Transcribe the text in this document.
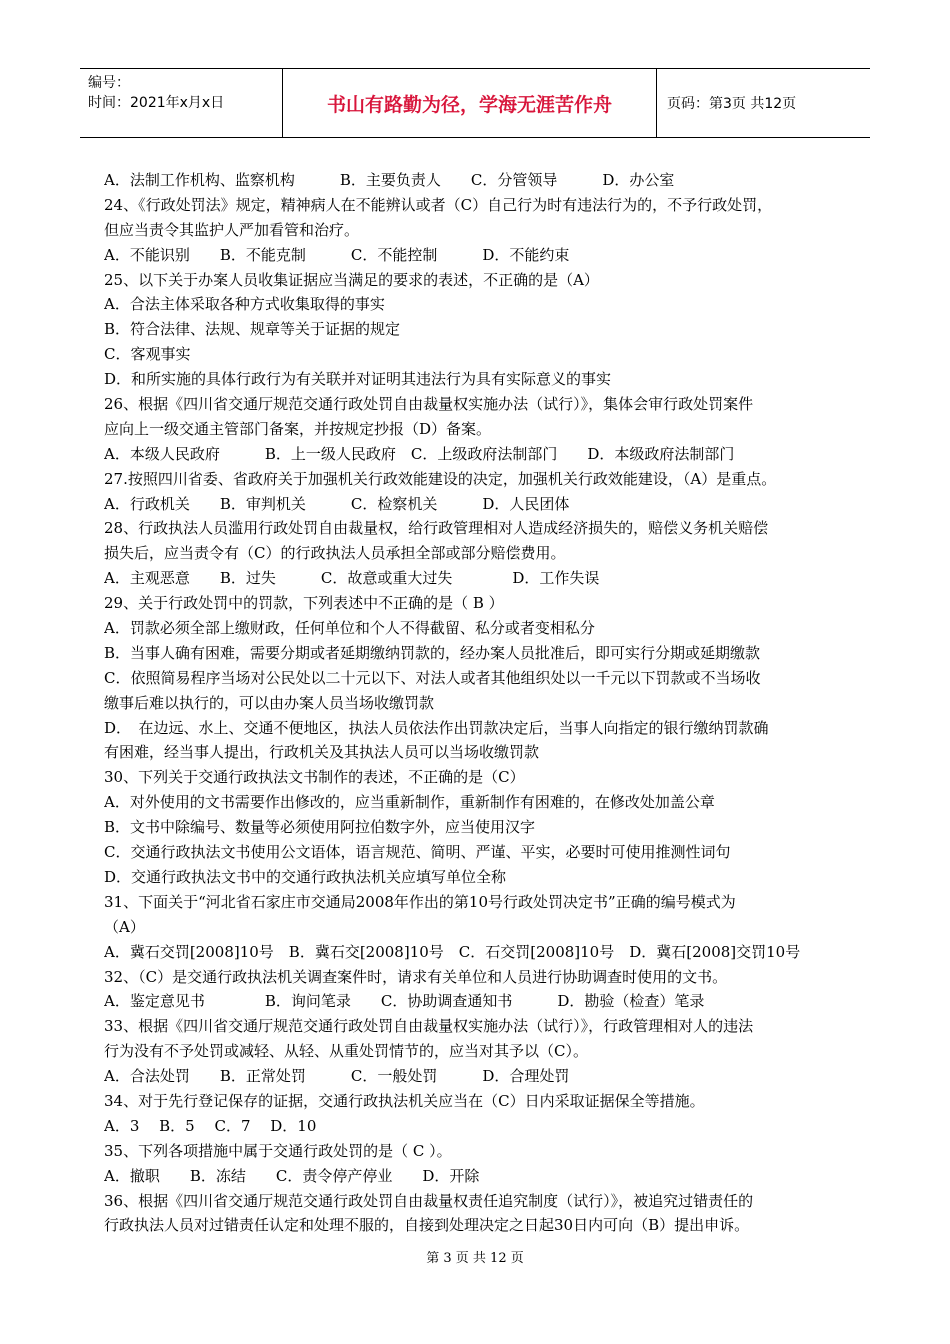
编号：
时间：2021年x月x日	书山有路勤为径，学海无涯苦作舟	页码：第3页 共12页
A．法制工作机构、监察机构　　　B．主要负责人　　C．分管领导　　　D．办公室
24、《行政处罚法》规定，精神病人在不能辨认或者（C）自己行为时有违法行为的，不予行政处罚，
但应当责令其监护人严加看管和治疗。
A．不能识别　　B．不能克制　　　C．不能控制　　　D．不能约束
25、以下关于办案人员收集证据应当满足的要求的表述，不正确的是（A）
A．合法主体采取各种方式收集取得的事实
B．符合法律、法规、规章等关于证据的规定
C．客观事实
D．和所实施的具体行政行为有关联并对证明其违法行为具有实际意义的事实
26、根据《四川省交通厅规范交通行政处罚自由裁量权实施办法（试行）》，集体会审行政处罚案件
应向上一级交通主管部门备案，并按规定抄报（D）备案。
A．本级人民政府　　　B．上一级人民政府　C．上级政府法制部门　　D．本级政府法制部门
27.按照四川省委、省政府关于加强机关行政效能建设的决定，加强机关行政效能建设，（A）是重点。
A．行政机关　　B．审判机关　　　C．检察机关　　　D．人民团体
28、行政执法人员滥用行政处罚自由裁量权，给行政管理相对人造成经济损失的，赔偿义务机关赔偿
损失后，应当责令有（C）的行政执法人员承担全部或部分赔偿费用。
A．主观恶意　　B．过失　　　C．故意或重大过失　　　　D．工作失误
29、关于行政处罚中的罚款，下列表述中不正确的是（ B ）
A．罚款必须全部上缴财政，任何单位和个人不得截留、私分或者变相私分
B．当事人确有困难，需要分期或者延期缴纳罚款的，经办案人员批准后，即可实行分期或延期缴款
C．依照简易程序当场对公民处以二十元以下、对法人或者其他组织处以一千元以下罚款或不当场收
缴事后难以执行的，可以由办案人员当场收缴罚款
D．　在边远、水上、交通不便地区，执法人员依法作出罚款决定后，当事人向指定的银行缴纳罚款确
有困难，经当事人提出，行政机关及其执法人员可以当场收缴罚款
30、下列关于交通行政执法文书制作的表述，不正确的是（C）
A．对外使用的文书需要作出修改的，应当重新制作，重新制作有困难的，在修改处加盖公章
B．文书中除编号、数量等必须使用阿拉伯数字外，应当使用汉字
C．交通行政执法文书使用公文语体，语言规范、简明、严谨、平实，必要时可使用推测性词句
D．交通行政执法文书中的交通行政执法机关应填写单位全称
31、下面关于“河北省石家庄市交通局2008年作出的第10号行政处罚决定书”正确的编号模式为
（A）
A．冀石交罚[2008]10号　B．冀石交[2008]10号　C．石交罚[2008]10号　D．冀石[2008]交罚10号
32、（C）是交通行政执法机关调查案件时，请求有关单位和人员进行协助调查时使用的文书。
A．鉴定意见书　　　　B．询问笔录　　C．协助调查通知书　　　D．勘验（检查）笔录
33、根据《四川省交通厅规范交通行政处罚自由裁量权实施办法（试行）》，行政管理相对人的违法
行为没有不予处罚或减轻、从轻、从重处罚情节的，应当对其予以（C）。
A．合法处罚　　B．正常处罚　　　C．一般处罚　　　D．合理处罚
34、对于先行登记保存的证据，交通行政执法机关应当在（C）日内采取证据保全等措施。
A．3　 B．5　 C．7　 D．10
35、下列各项措施中属于交通行政处罚的是（ C ）。
A．撤职　　B．冻结　　C．责令停产停业　　D．开除
36、根据《四川省交通厅规范交通行政处罚自由裁量权责任追究制度（试行）》，被追究过错责任的
行政执法人员对过错责任认定和处理不服的，自接到处理决定之日起30日内可向（B）提出申诉。
第 3 页 共 12 页
